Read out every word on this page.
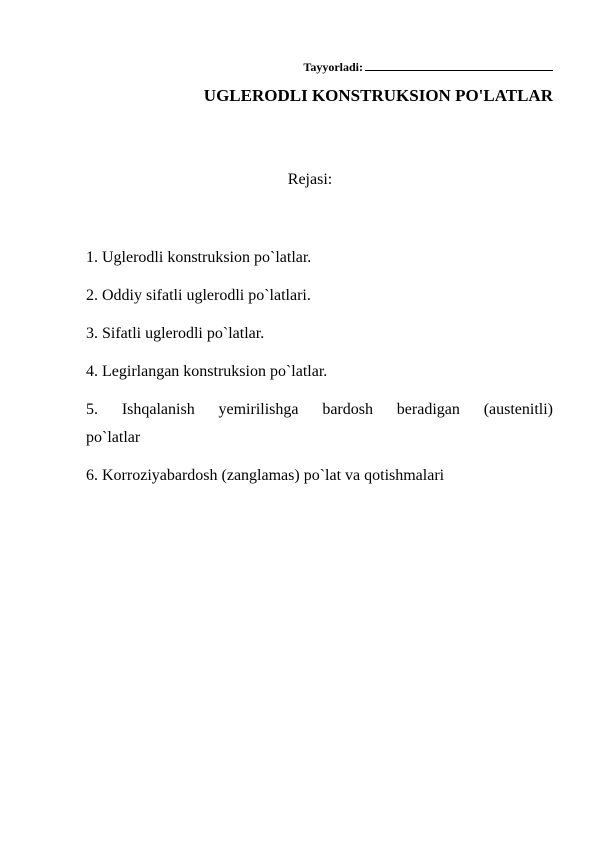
Tayyorladi:
UGLERODLI KONSTRUKSION PO'LATLAR
Rejasi:
1. Uglerodli konstruksion po`latlar.
2. Oddiy sifatli uglerodli po`latlari.
3. Sifatli uglerodli po`latlar.
4. Legirlangan konstruksion po`latlar.
5. Ishqalanish yemirilishga bardosh beradigan (austenitli)
po`latlar
6. Korroziyabardosh (zanglamas) po`lat va qotishmalari
